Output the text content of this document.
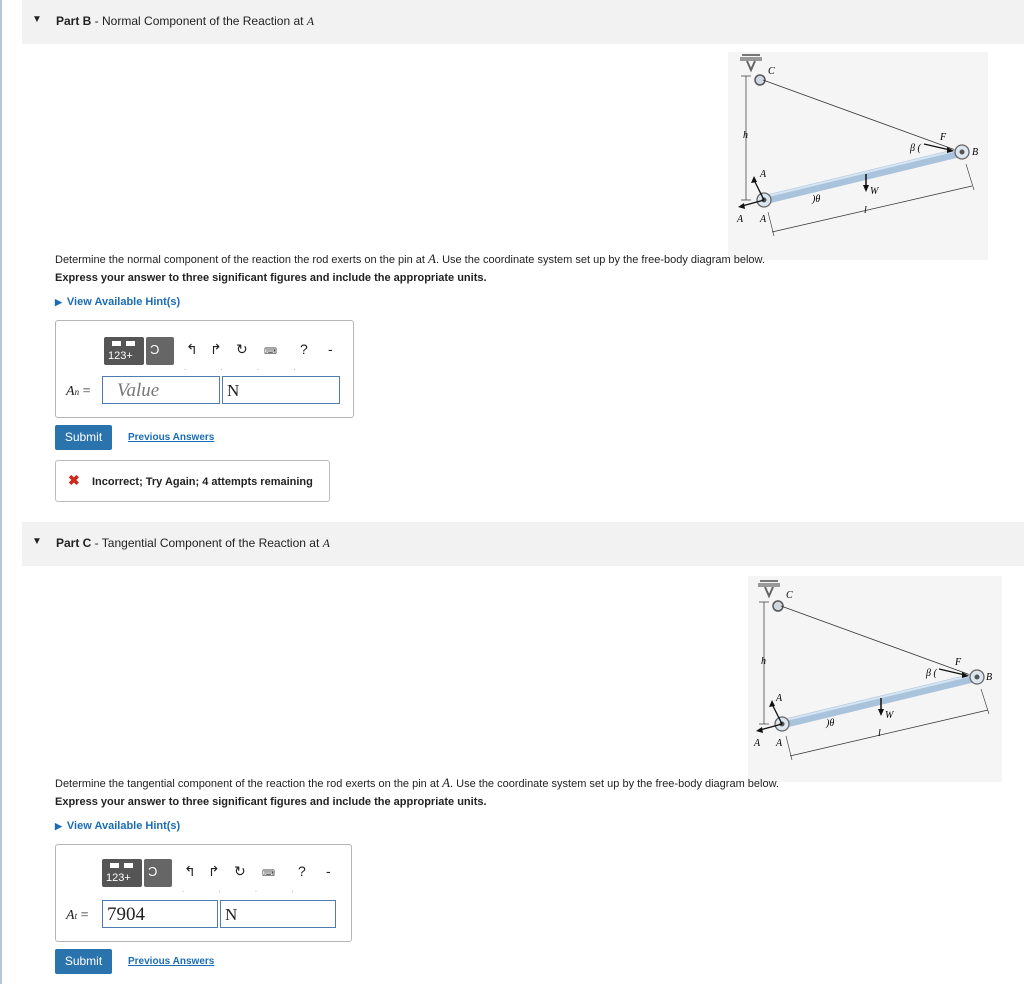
▼ Part B - Normal Component of the Reaction at A
C
h
A
A A
)θ
W
l
β (
F
B
Determine the normal component of the reaction the rod exerts on the pin at A. Use the coordinate system set up by the free-body diagram below.
Express your answer to three significant figures and include the appropriate units.
▶ View Available Hint(s)
123+	Ͻ	↰ ↱ ↻ ⌨ ? -
. . . .
An =	Value	N
Submit	Previous Answers
✖ Incorrect; Try Again; 4 attempts remaining
▼ Part C - Tangential Component of the Reaction at A
C
h
A
A A
)θ
W
l
β (
F
B
Determine the tangential component of the reaction the rod exerts on the pin at A. Use the coordinate system set up by the free-body diagram below.
Express your answer to three significant figures and include the appropriate units.
▶ View Available Hint(s)
123+	Ͻ	↰ ↱ ↻ ⌨ ? -
. . . .
At = 7904	N
Submit	Previous Answers
